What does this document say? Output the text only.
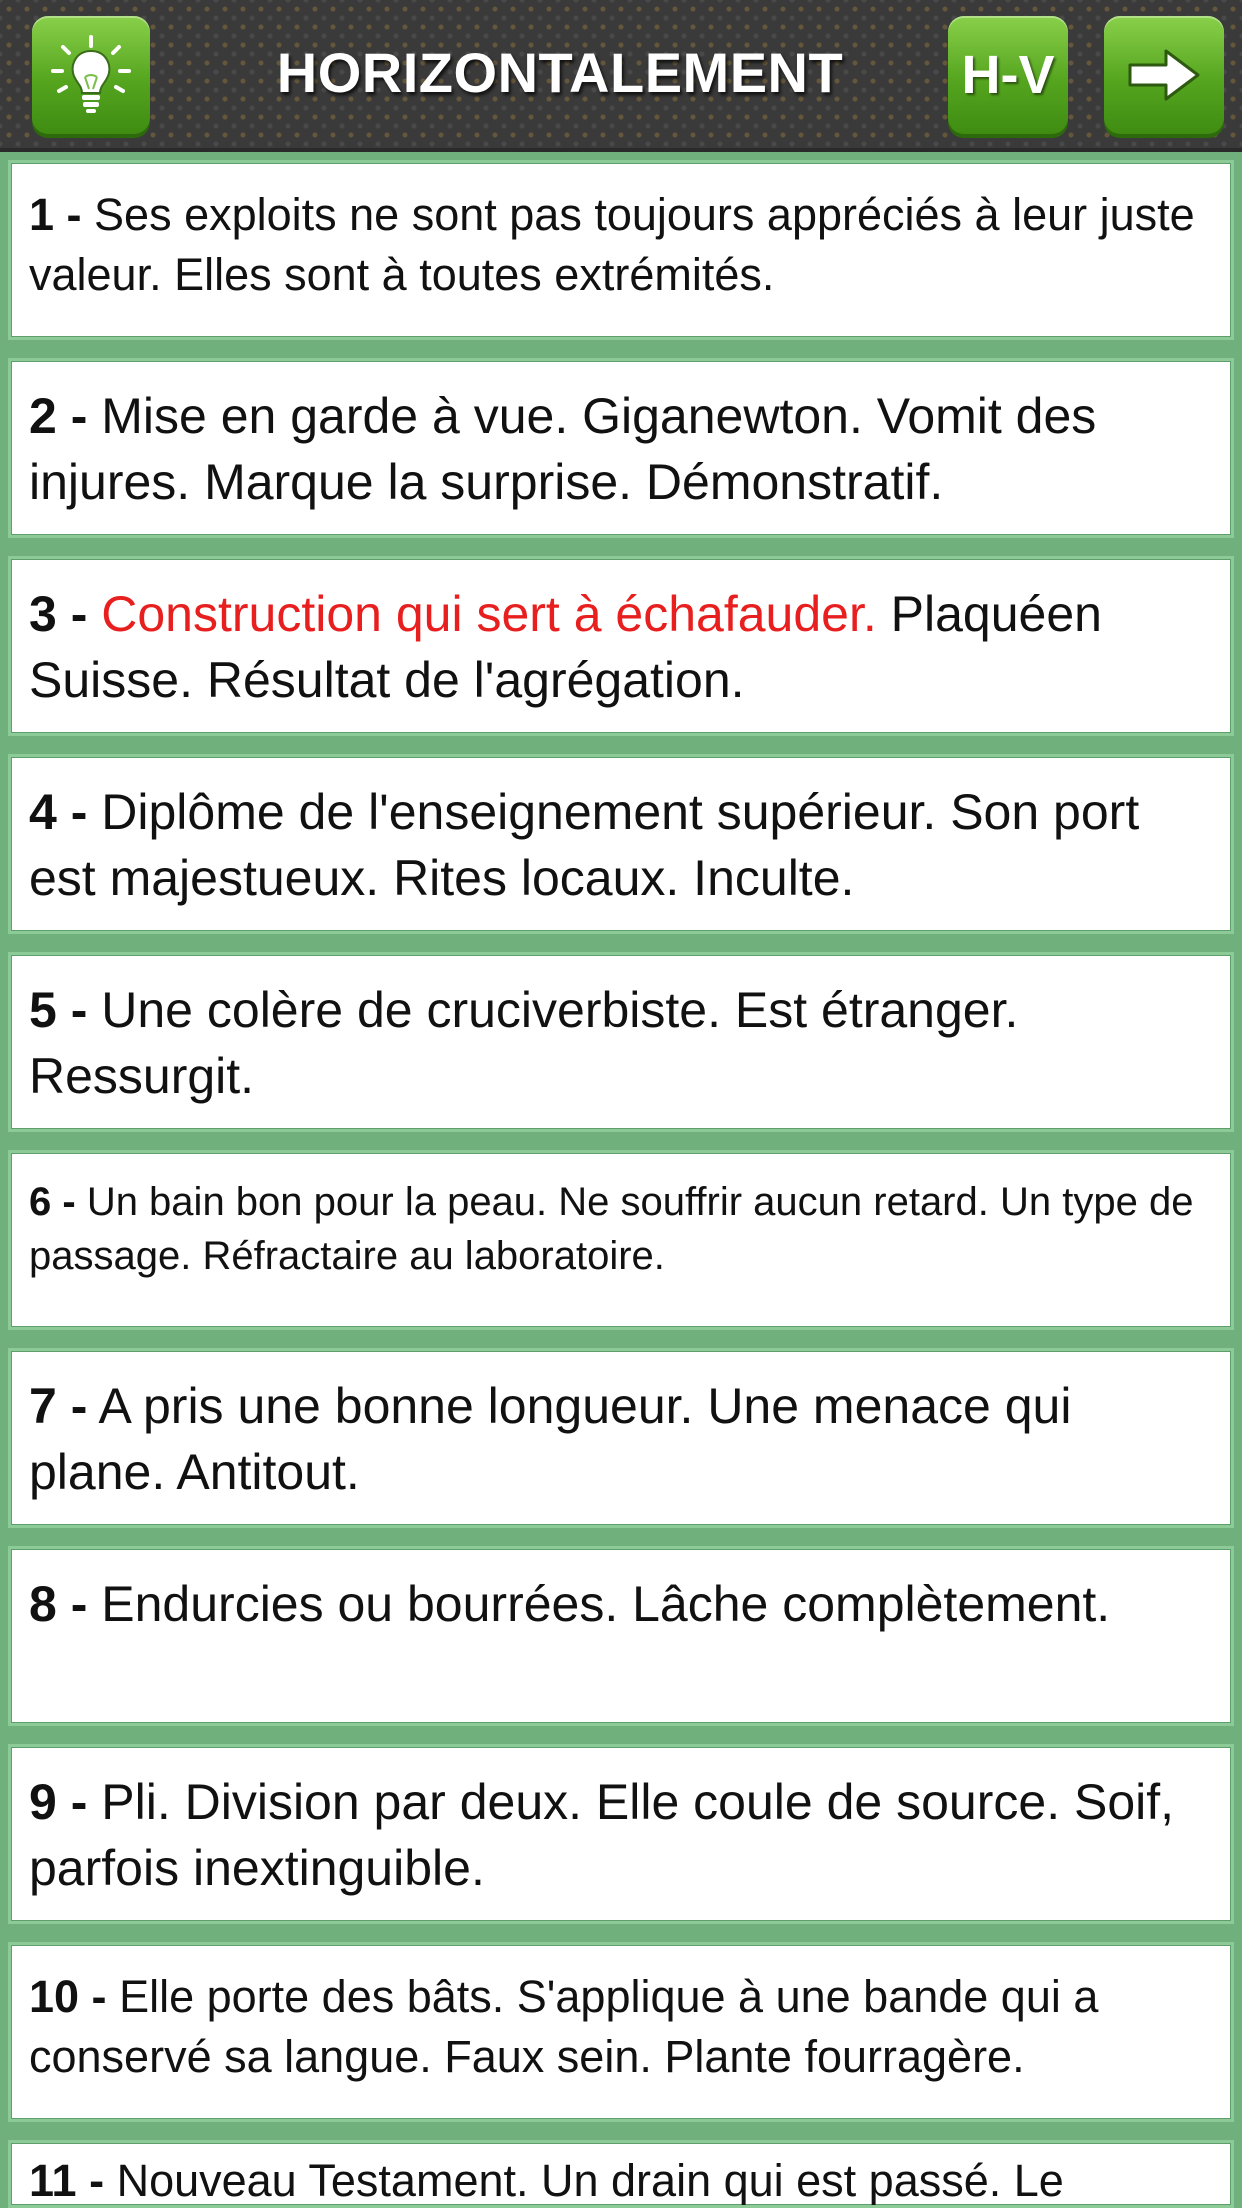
HORIZONTALEMENT	H-V
1 - Ses exploits ne sont pas toujours appréciés à leur juste valeur. Elles sont à toutes extrémités.
2 - Mise en garde à vue. Giganewton. Vomit des injures. Marque la surprise. Démonstratif.
3 - Construction qui sert à échafauder. Plaquéen Suisse. Résultat de l'agrégation.
4 - Diplôme de l'enseignement supérieur. Son port est majestueux. Rites locaux. Inculte.
5 - Une colère de cruciverbiste. Est étranger. Ressurgit.
6 - Un bain bon pour la peau. Ne souffrir aucun retard. Un type de passage. Réfractaire au laboratoire.
7 - A pris une bonne longueur. Une menace qui plane. Antitout.
8 - Endurcies ou bourrées. Lâche complètement.
9 - Pli. Division par deux. Elle coule de source. Soif, parfois inextinguible.
10 - Elle porte des bâts. S'applique à une bande qui a conservé sa langue. Faux sein. Plante fourragère.
11 - Nouveau Testament. Un drain qui est passé. Le
